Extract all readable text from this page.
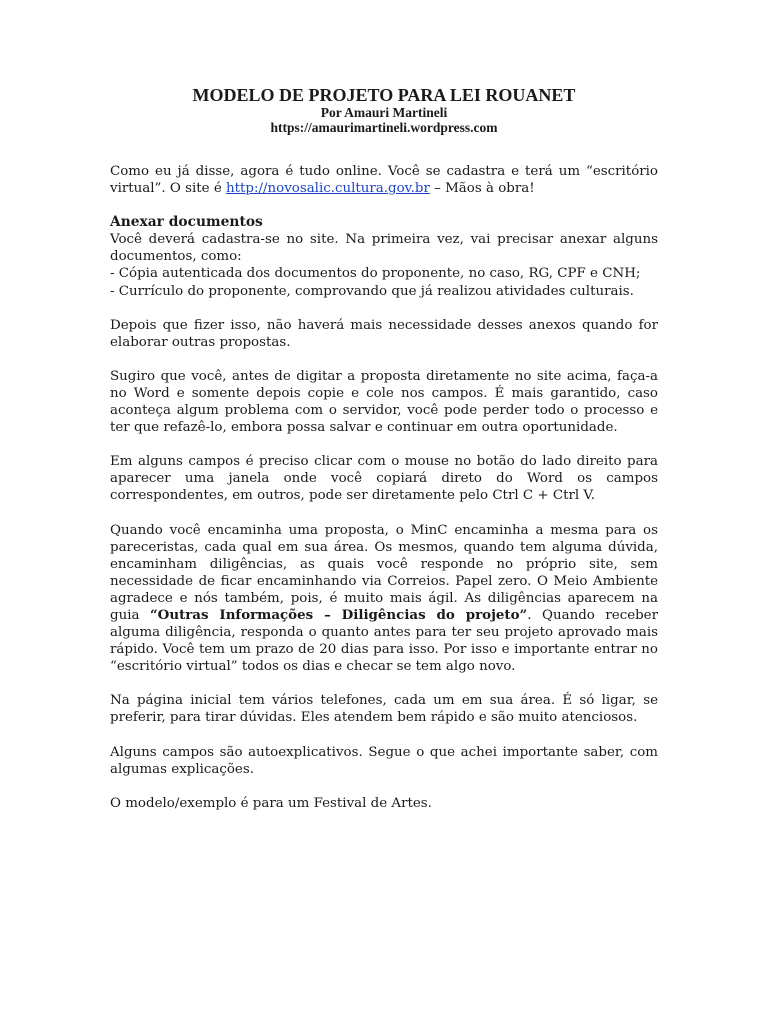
MODELO DE PROJETO PARA LEI ROUANET
Por Amauri Martineli
https://amaurimartineli.wordpress.com

Como eu já disse, agora é tudo online. Você se cadastra e terá um “escritório virtual”. O site é http://novosalic.cultura.gov.br – Mãos à obra!

Anexar documentos
Você deverá cadastra-se no site. Na primeira vez, vai precisar anexar alguns documentos, como:
- Cópia autenticada dos documentos do proponente, no caso, RG, CPF e CNH;
- Currículo do proponente, comprovando que já realizou atividades culturais.

Depois que fizer isso, não haverá mais necessidade desses anexos quando for elaborar outras propostas.

Sugiro que você, antes de digitar a proposta diretamente no site acima, faça-a no Word e somente depois copie e cole nos campos. É mais garantido, caso aconteça algum problema com o servidor, você pode perder todo o processo e ter que refazê-lo, embora possa salvar e continuar em outra oportunidade.

Em alguns campos é preciso clicar com o mouse no botão do lado direito para aparecer uma janela onde você copiará direto do Word os campos correspondentes, em outros, pode ser diretamente pelo Ctrl C + Ctrl V.

Quando você encaminha uma proposta, o MinC encaminha a mesma para os pareceristas, cada qual em sua área. Os mesmos, quando tem alguma dúvida, encaminham diligências, as quais você responde no próprio site, sem necessidade de ficar encaminhando via Correios. Papel zero. O Meio Ambiente agradece e nós também, pois, é muito mais ágil. As diligências aparecem na guia “Outras Informações – Diligências do projeto”. Quando receber alguma diligência, responda o quanto antes para ter seu projeto aprovado mais rápido. Você tem um prazo de 20 dias para isso. Por isso e importante entrar no “escritório virtual” todos os dias e checar se tem algo novo.

Na página inicial tem vários telefones, cada um em sua área. É só ligar, se preferir, para tirar dúvidas. Eles atendem bem rápido e são muito atenciosos.

Alguns campos são autoexplicativos. Segue o que achei importante saber, com algumas explicações.

O modelo/exemplo é para um Festival de Artes.
